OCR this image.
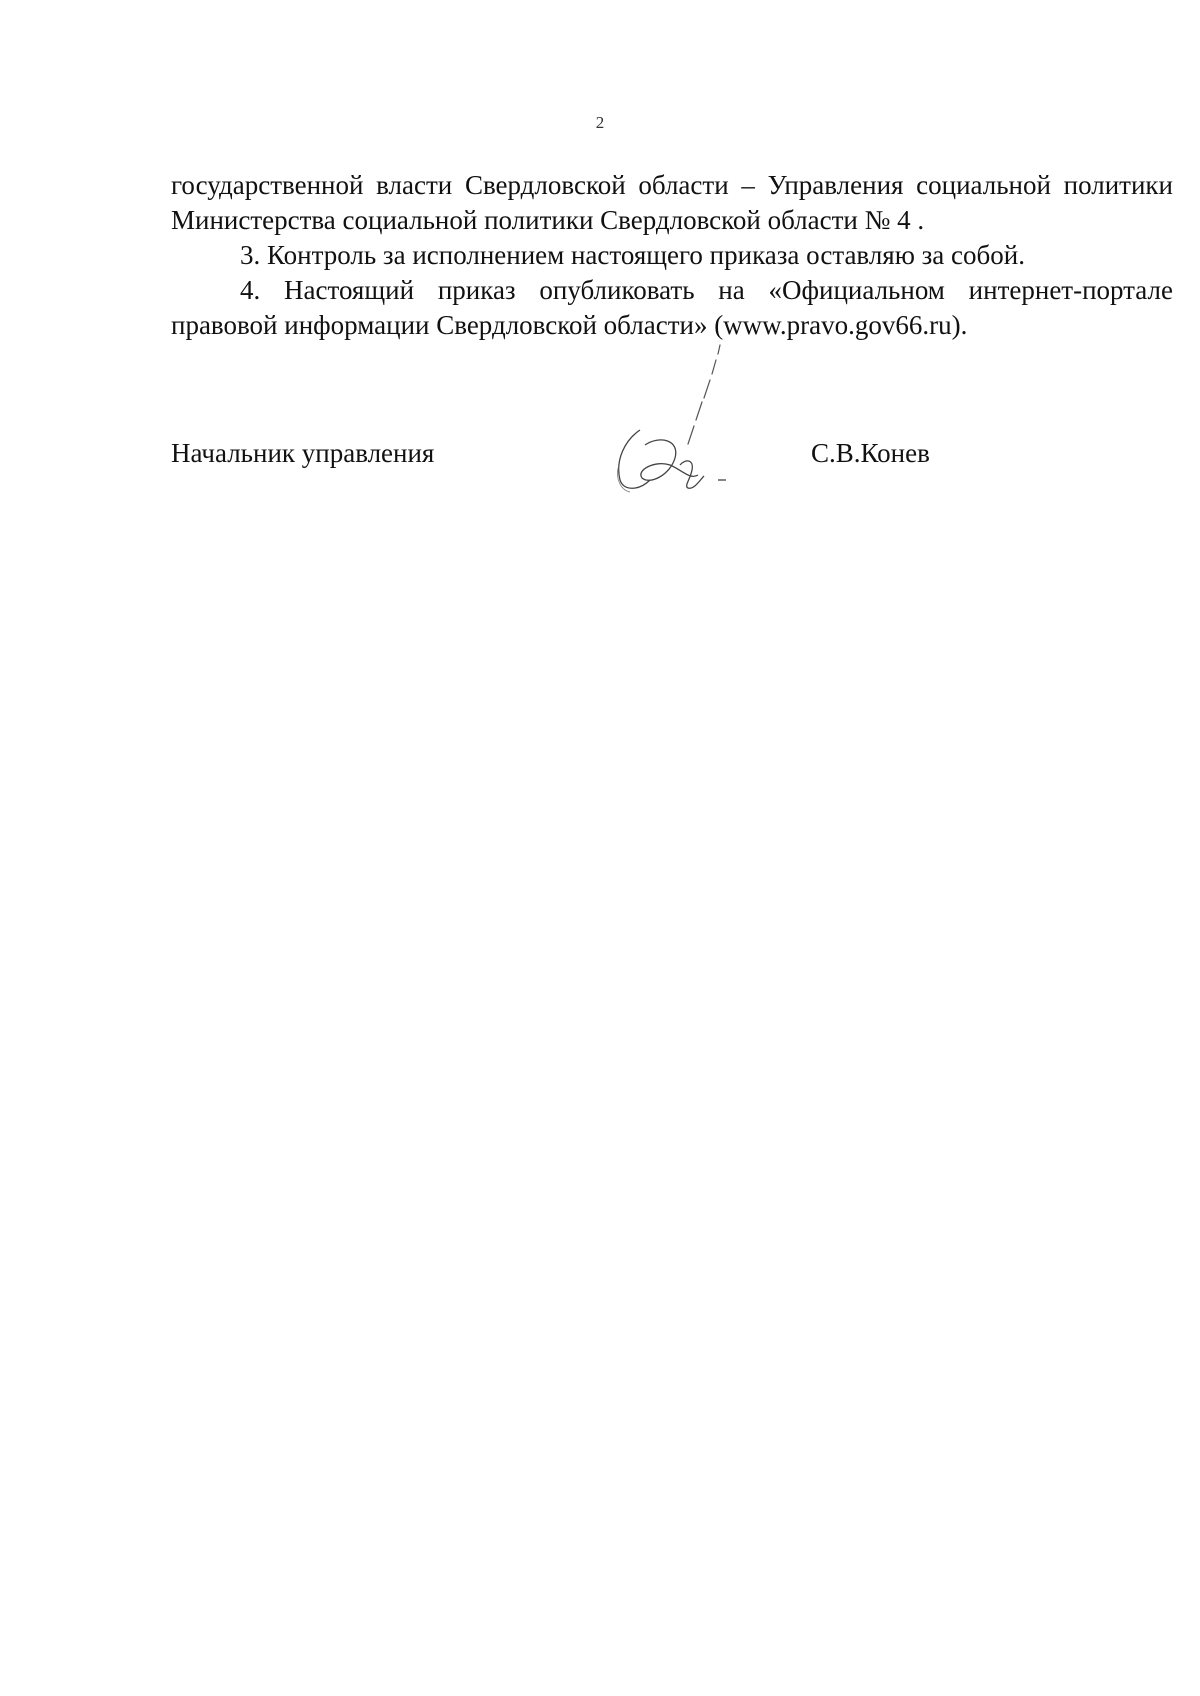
2

государственной власти Свердловской области – Управления социальной политики Министерства социальной политики Свердловской области № 4 .

3. Контроль за исполнением настоящего приказа оставляю за собой.

4. Настоящий приказ опубликовать на «Официальном интернет-портале правовой информации Свердловской области» (www.pravo.gov66.ru).

Начальник управления	С.В.Конев
